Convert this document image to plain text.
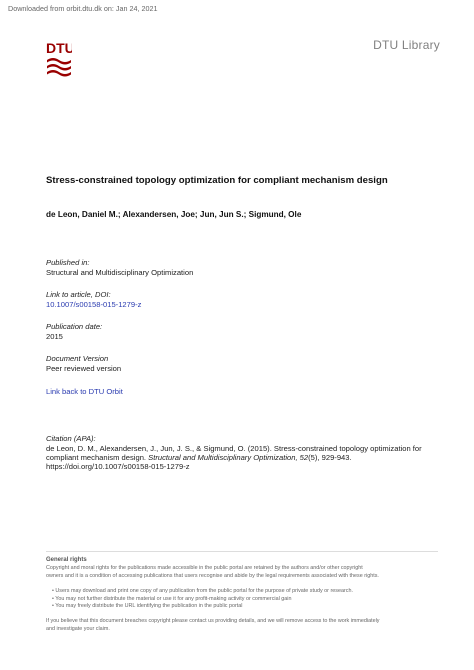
Downloaded from orbit.dtu.dk on: Jan 24, 2021
DTU	DTU Library
Stress-constrained topology optimization for compliant mechanism design
de Leon, Daniel M.; Alexandersen, Joe; Jun, Jun S.; Sigmund, Ole
Published in:
Structural and Multidisciplinary Optimization
Link to article, DOI:
10.1007/s00158-015-1279-z
Publication date:
2015
Document Version
Peer reviewed version
Link back to DTU Orbit
Citation (APA):
de Leon, D. M., Alexandersen, J., Jun, J. S., & Sigmund, O. (2015). Stress-constrained topology optimization for
compliant mechanism design. Structural and Multidisciplinary Optimization, 52(5), 929-943.
https://doi.org/10.1007/s00158-015-1279-z
General rights
Copyright and moral rights for the publications made accessible in the public portal are retained by the authors and/or other copyright
owners and it is a condition of accessing publications that users recognise and abide by the legal requirements associated with these rights.
• Users may download and print one copy of any publication from the public portal for the purpose of private study or research.
• You may not further distribute the material or use it for any profit-making activity or commercial gain
• You may freely distribute the URL identifying the publication in the public portal
If you believe that this document breaches copyright please contact us providing details, and we will remove access to the work immediately
and investigate your claim.
